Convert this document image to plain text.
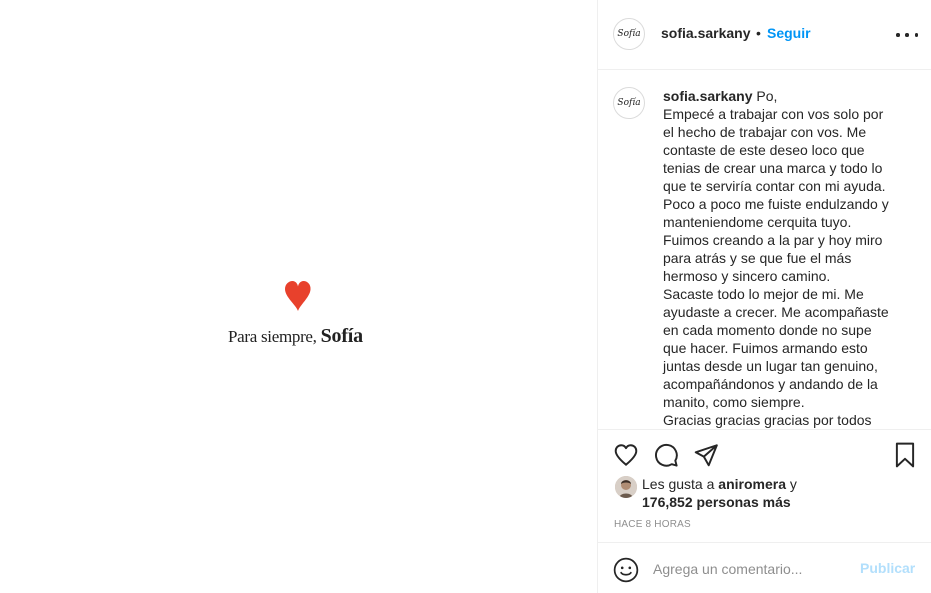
Para siempre, Sofía
Sofía sofia.sarkany • Seguir
Sofía sofia.sarkany Po,
Empecé a trabajar con vos solo por
el hecho de trabajar con vos. Me
contaste de este deseo loco que
tenias de crear una marca y todo lo
que te serviría contar con mi ayuda.
Poco a poco me fuiste endulzando y
manteniendome cerquita tuyo.
Fuimos creando a la par y hoy miro
para atrás y se que fue el más
hermoso y sincero camino.
Sacaste todo lo mejor de mi. Me
ayudaste a crecer. Me acompañaste
en cada momento donde no supe
que hacer. Fuimos armando esto
juntas desde un lugar tan genuino,
acompañándonos y andando de la
manito, como siempre.
Gracias gracias gracias por todos
Les gusta a aniromera y
176,852 personas más
HACE 8 HORAS
Agrega un comentario...
Publicar
